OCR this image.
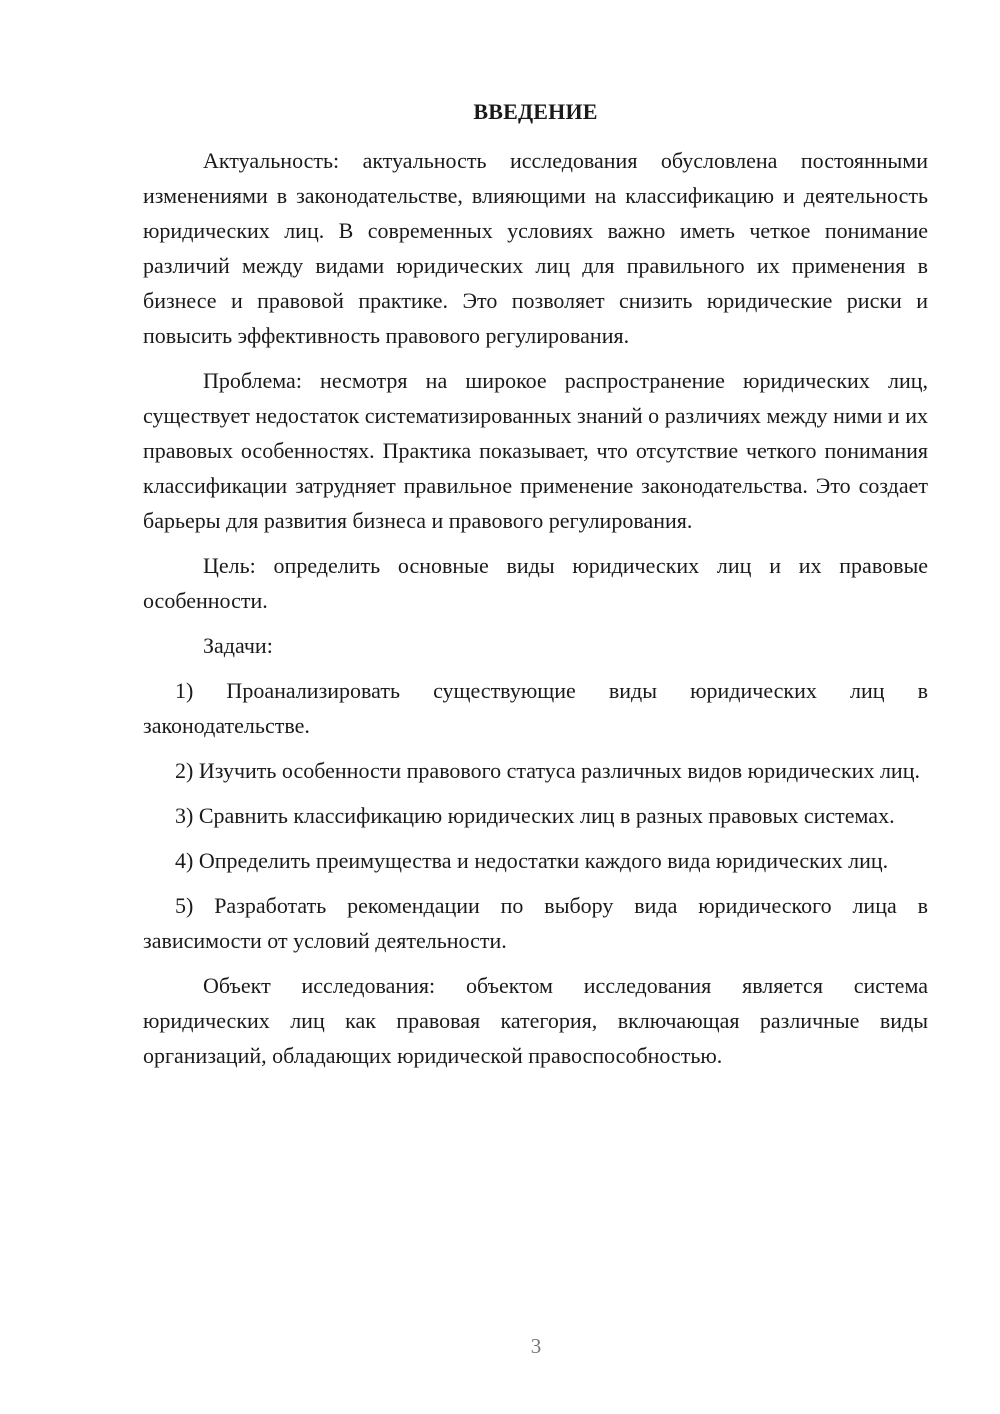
ВВЕДЕНИЕ

Актуальность: актуальность исследования обусловлена постоянными изменениями в законодательстве, влияющими на классификацию и деятельность юридических лиц. В современных условиях важно иметь четкое понимание различий между видами юридических лиц для правильного их применения в бизнесе и правовой практике. Это позволяет снизить юридические риски и повысить эффективность правового регулирования.

Проблема: несмотря на широкое распространение юридических лиц, существует недостаток систематизированных знаний о различиях между ними и их правовых особенностях. Практика показывает, что отсутствие четкого понимания классификации затрудняет правильное применение законодательства. Это создает барьеры для развития бизнеса и правового регулирования.

Цель: определить основные виды юридических лиц и их правовые особенности.

Задачи:

1) Проанализировать существующие виды юридических лиц в законодательстве.

2) Изучить особенности правового статуса различных видов юридических лиц.

3) Сравнить классификацию юридических лиц в разных правовых системах.

4) Определить преимущества и недостатки каждого вида юридических лиц.

5) Разработать рекомендации по выбору вида юридического лица в зависимости от условий деятельности.

Объект исследования: объектом исследования является система юридических лиц как правовая категория, включающая различные виды организаций, обладающих юридической правоспособностью.

3
